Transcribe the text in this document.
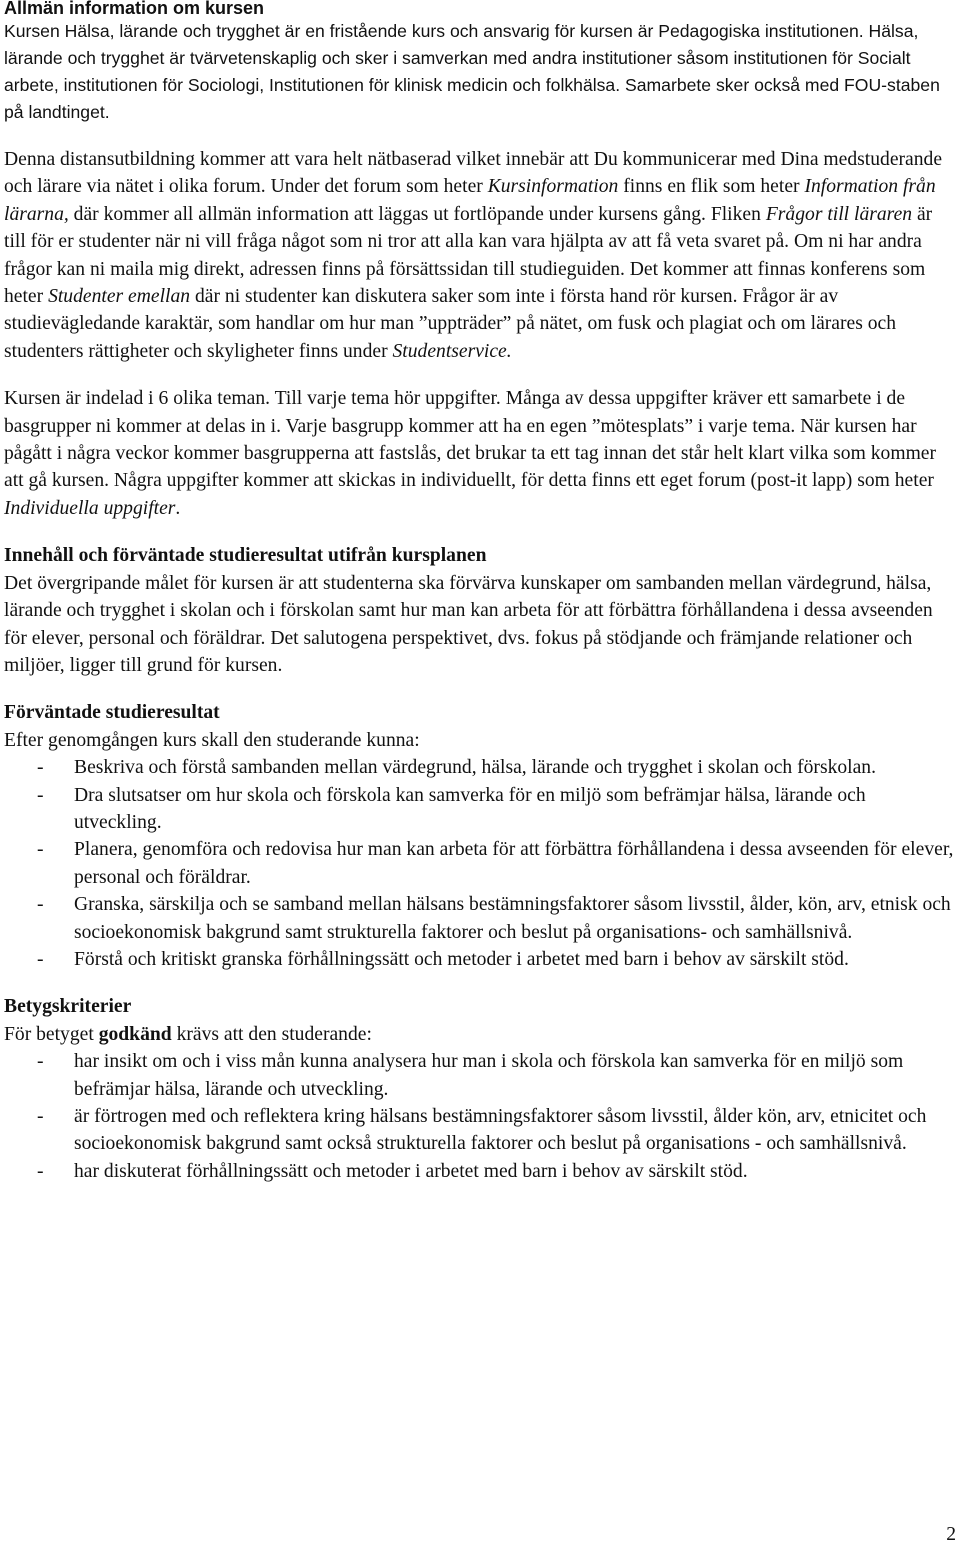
Allmän information om kursen

Kursen Hälsa, lärande och trygghet är en fristående kurs och ansvarig för kursen är Pedagogiska institutionen. Hälsa, lärande och trygghet är tvärvetenskaplig och sker i samverkan med andra institutioner såsom institutionen för Socialt arbete, institutionen för Sociologi, Institutionen för klinisk medicin och folkhälsa. Samarbete sker också med FOU-staben på landtinget.

Denna distansutbildning kommer att vara helt nätbaserad vilket innebär att Du kommunicerar med Dina medstuderande och lärare via nätet i olika forum. Under det forum som heter Kursinformation finns en flik som heter Information från lärarna, där kommer all allmän information att läggas ut fortlöpande under kursens gång. Fliken Frågor till läraren är till för er studenter när ni vill fråga något som ni tror att alla kan vara hjälpta av att få veta svaret på. Om ni har andra frågor kan ni maila mig direkt, adressen finns på försättssidan till studieguiden. Det kommer att finnas konferens som heter Studenter emellan där ni studenter kan diskutera saker som inte i första hand rör kursen. Frågor är av studievägledande karaktär, som handlar om hur man ”uppträder” på nätet, om fusk och plagiat och om lärares och studenters rättigheter och skyligheter finns under Studentservice.

Kursen är indelad i 6 olika teman. Till varje tema hör uppgifter. Många av dessa uppgifter kräver ett samarbete i de basgrupper ni kommer at delas in i. Varje basgrupp kommer att ha en egen ”mötesplats” i varje tema. När kursen har pågått i några veckor kommer basgrupperna att fastslås, det brukar ta ett tag innan det står helt klart vilka som kommer att gå kursen. Några uppgifter kommer att skickas in individuellt, för detta finns ett eget forum (post-it lapp) som heter Individuella uppgifter.

Innehåll och förväntade studieresultat utifrån kursplanen

Det övergripande målet för kursen är att studenterna ska förvärva kunskaper om sambanden mellan värdegrund, hälsa, lärande och trygghet i skolan och i förskolan samt hur man kan arbeta för att förbättra förhållandena i dessa avseenden för elever, personal och föräldrar. Det salutogena perspektivet, dvs. fokus på stödjande och främjande relationer och miljöer, ligger till grund för kursen.

Förväntade studieresultat

Efter genomgången kurs skall den studerande kunna:

- Beskriva och förstå sambanden mellan värdegrund, hälsa, lärande och trygghet i skolan och förskolan.
- Dra slutsatser om hur skola och förskola kan samverka för en miljö som befrämjar hälsa, lärande och utveckling.
- Planera, genomföra och redovisa hur man kan arbeta för att förbättra förhållandena i dessa avseenden för elever, personal och föräldrar.
- Granska, särskilja och se samband mellan hälsans bestämningsfaktorer såsom livsstil, ålder, kön, arv, etnisk och socioekonomisk bakgrund samt strukturella faktorer och beslut på organisations- och samhällsnivå.
- Förstå och kritiskt granska förhållningssätt och metoder i arbetet med barn i behov av särskilt stöd.
Betygskriterier

För betyget godkänd krävs att den studerande:

- har insikt om och i viss mån kunna analysera hur man i skola och förskola kan samverka för en miljö som befrämjar hälsa, lärande och utveckling.
- är förtrogen med och reflektera kring hälsans bestämningsfaktorer såsom livsstil, ålder kön, arv, etnicitet och socioekonomisk bakgrund samt också strukturella faktorer och beslut på organisations - och samhällsnivå.
- har diskuterat förhållningssätt och metoder i arbetet med barn i behov av särskilt stöd.
2
